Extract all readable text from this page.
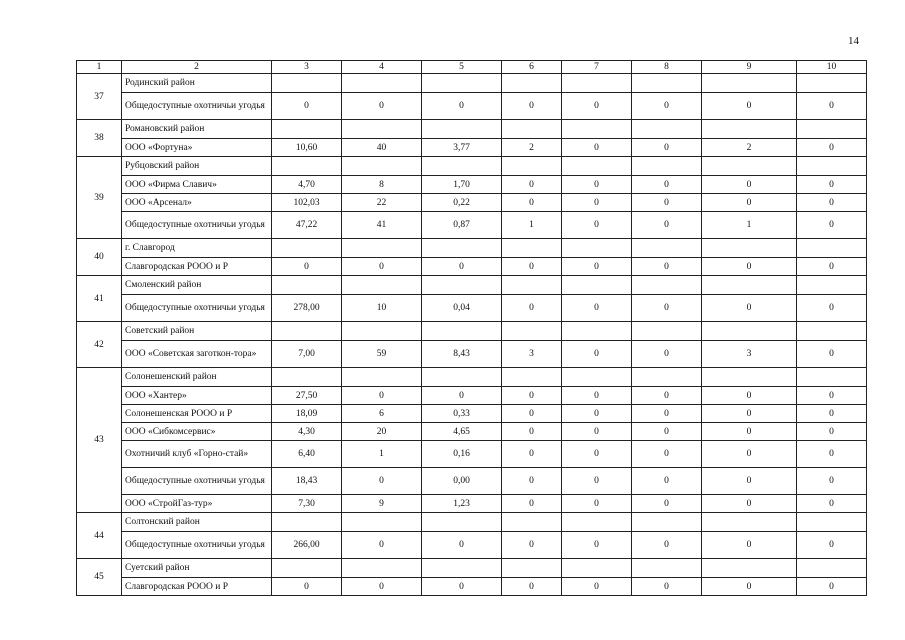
14
1	2	3	4	5	6	7	8	9	10
37	Родинский район								
	Общедоступные охотничьи угодья	0	0	0	0	0	0	0	0
38	Романовский район								
	ООО «Фортуна»	10,60	40	3,77	2	0	0	2	0
39	Рубцовский район								
	ООО «Фирма Славич»	4,70	8	1,70	0	0	0	0	0
	ООО «Арсенал»	102,03	22	0,22	0	0	0	0	0
	Общедоступные охотничьи угодья	47,22	41	0,87	1	0	0	1	0
40	г. Славгород								
	Славгородская РООО и Р	0	0	0	0	0	0	0	0
41	Смоленский район								
	Общедоступные охотничьи угодья	278,00	10	0,04	0	0	0	0	0
42	Советский район								
	ООО «Советская заготкон-тора»	7,00	59	8,43	3	0	0	3	0
43	Солонешенский район								
	ООО «Хантер»	27,50	0	0	0	0	0	0	0
	Солонешенская РООО и Р	18,09	6	0,33	0	0	0	0	0
	ООО «Сибкомсервис»	4,30	20	4,65	0	0	0	0	0
	Охотничий клуб «Горно-стай»	6,40	1	0,16	0	0	0	0	0
	Общедоступные охотничьи угодья	18,43	0	0,00	0	0	0	0	0
	ООО «СтройГаз-тур»	7,30	9	1,23	0	0	0	0	0
44	Солтонский район								
	Общедоступные охотничьи угодья	266,00	0	0	0	0	0	0	0
45	Суетский район								
	Славгородская РООО и Р	0	0	0	0	0	0	0	0
